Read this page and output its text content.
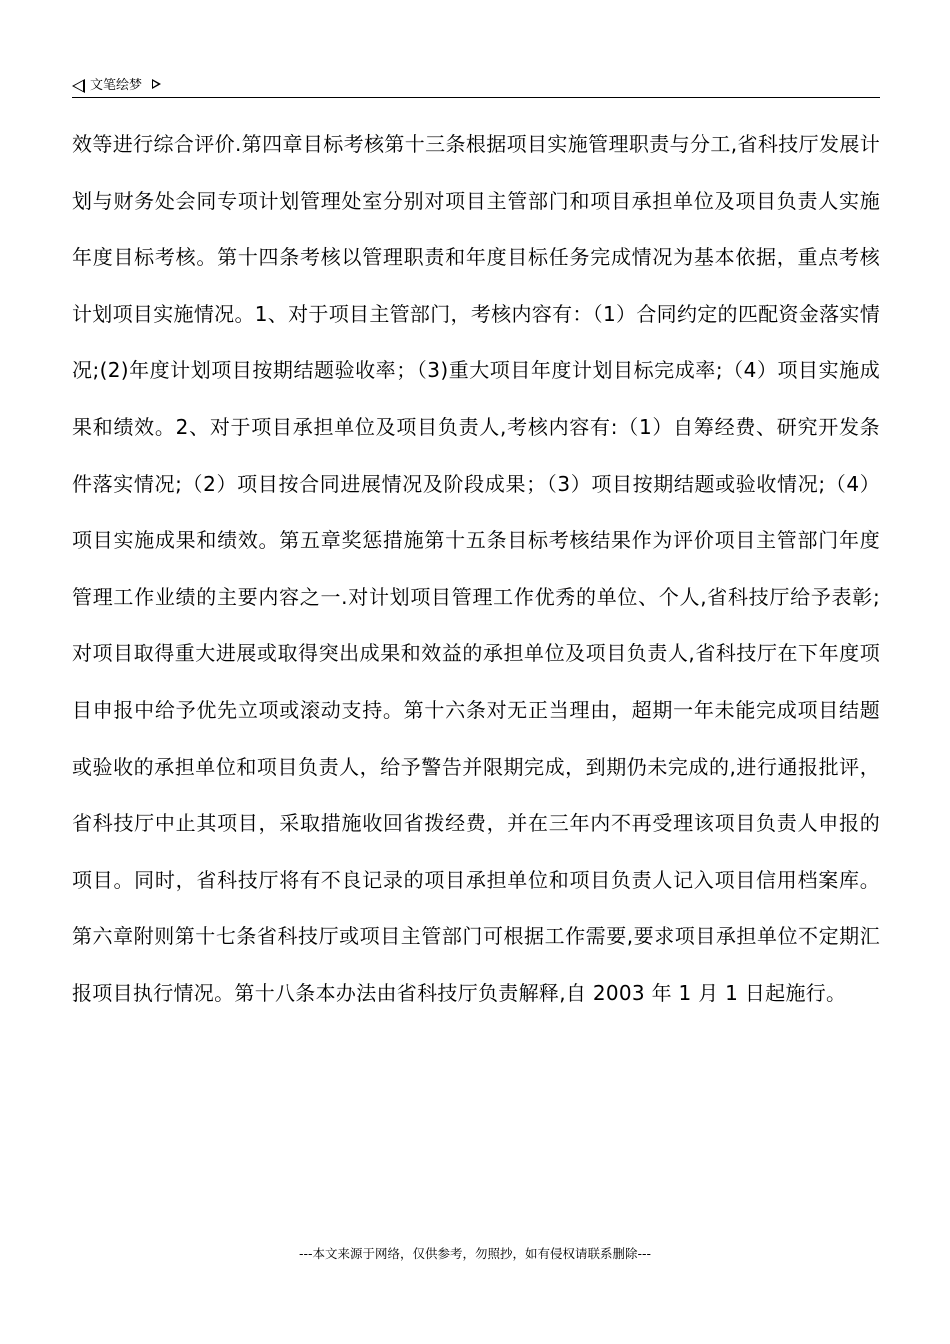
文笔绘梦
效等进行综合评价.第四章目标考核第十三条根据项目实施管理职责与分工,省科技厅发展计划与财务处会同专项计划管理处室分别对项目主管部门和项目承担单位及项目负责人实施年度目标考核。第十四条考核以管理职责和年度目标任务完成情况为基本依据，重点考核计划项目实施情况。1、对于项目主管部门，考核内容有：（1）合同约定的匹配资金落实情况;(2)年度计划项目按期结题验收率；（3)重大项目年度计划目标完成率;（4）项目实施成果和绩效。2、对于项目承担单位及项目负责人,考核内容有:（1）自筹经费、研究开发条件落实情况;（2）项目按合同进展情况及阶段成果；（3）项目按期结题或验收情况;（4）项目实施成果和绩效。第五章奖惩措施第十五条目标考核结果作为评价项目主管部门年度管理工作业绩的主要内容之一.对计划项目管理工作优秀的单位、个人,省科技厅给予表彰;对项目取得重大进展或取得突出成果和效益的承担单位及项目负责人,省科技厅在下年度项目申报中给予优先立项或滚动支持。第十六条对无正当理由，超期一年未能完成项目结题或验收的承担单位和项目负责人，给予警告并限期完成，到期仍未完成的,进行通报批评，省科技厅中止其项目，采取措施收回省拨经费，并在三年内不再受理该项目负责人申报的项目。同时，省科技厅将有不良记录的项目承担单位和项目负责人记入项目信用档案库。第六章附则第十七条省科技厅或项目主管部门可根据工作需要,要求项目承担单位不定期汇报项目执行情况。第十八条本办法由省科技厅负责解释,自 2003 年 1 月 1 日起施行。
---本文来源于网络，仅供参考，勿照抄，如有侵权请联系删除---
